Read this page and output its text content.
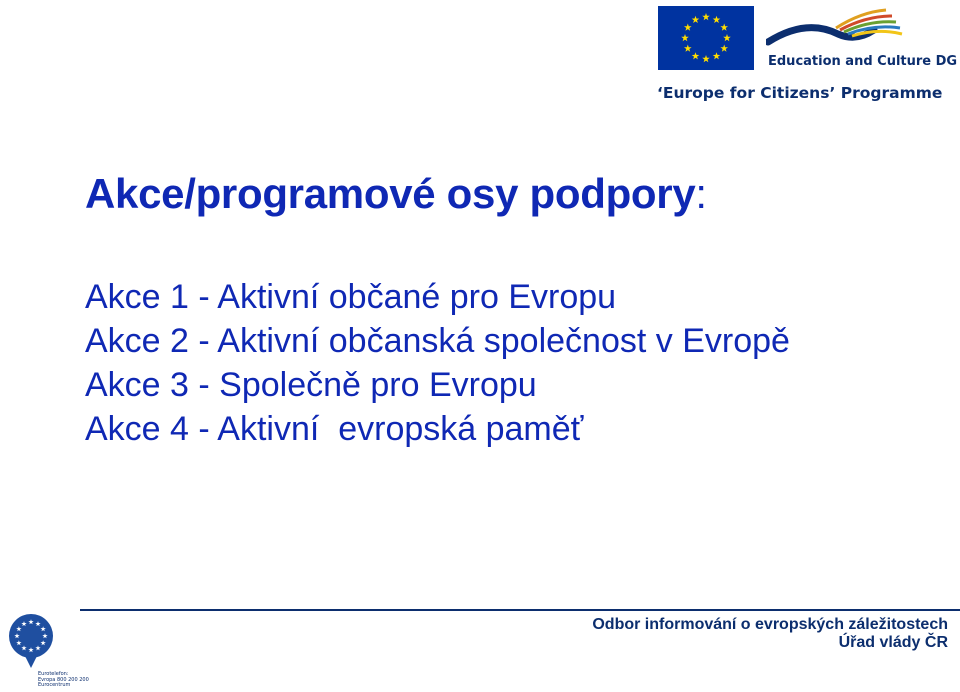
Education and Culture DG
‘Europe for Citizens’ Programme
Akce/programové osy podpory:
Akce 1 - Aktivní občané pro Evropu
Akce 2 - Aktivní občanská společnost v Evropě
Akce 3 - Společně pro Evropu
Akce 4 - Aktivní  evropská paměť
Eurotelefon:
Evropa 800 200 200
Eurocentrum
Odbor informování o evropských záležitostech
Úřad vlády ČR
